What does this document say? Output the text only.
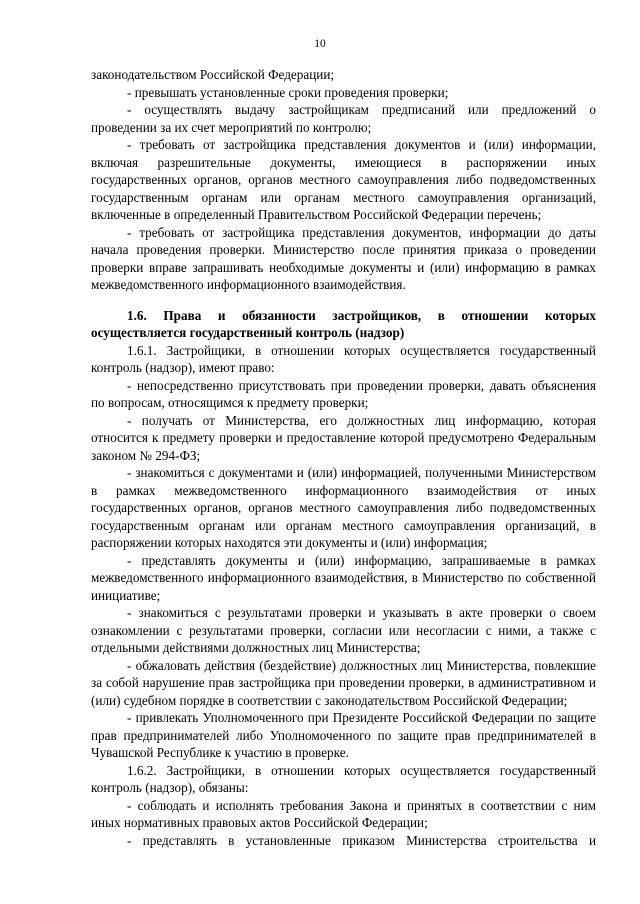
10

законодательством Российской Федерации;

- превышать установленные сроки проведения проверки;

- осуществлять выдачу застройщикам предписаний или предложений о проведении за их счет мероприятий по контролю;

- требовать от застройщика представления документов и (или) информации, включая разрешительные документы, имеющиеся в распоряжении иных государственных органов, органов местного самоуправления либо подведомственных государственным органам или органам местного самоуправления организаций, включенные в определенный Правительством Российской Федерации перечень;

- требовать от застройщика представления документов, информации до даты начала проведения проверки. Министерство после принятия приказа о проведении проверки вправе запрашивать необходимые документы и (или) информацию в рамках межведомственного информационного взаимодействия.

1.6. Права и обязанности застройщиков, в отношении которых осуществляется государственный контроль (надзор)

1.6.1. Застройщики, в отношении которых осуществляется государственный контроль (надзор), имеют право:

- непосредственно присутствовать при проведении проверки, давать объяснения по вопросам, относящимся к предмету проверки;

- получать от Министерства, его должностных лиц информацию, которая относится к предмету проверки и предоставление которой предусмотрено Федеральным законом № 294-ФЗ;

- знакомиться с документами и (или) информацией, полученными Министерством в рамках межведомственного информационного взаимодействия от иных государственных органов, органов местного самоуправления либо подведомственных государственным органам или органам местного самоуправления организаций, в распоряжении которых находятся эти документы и (или) информация;

- представлять документы и (или) информацию, запрашиваемые в рамках межведомственного информационного взаимодействия, в Министерство по собственной инициативе;

- знакомиться с результатами проверки и указывать в акте проверки о своем ознакомлении с результатами проверки, согласии или несогласии с ними, а также с отдельными действиями должностных лиц Министерства;

- обжаловать действия (бездействие) должностных лиц Министерства, повлекшие за собой нарушение прав застройщика при проведении проверки, в административном и (или) судебном порядке в соответствии с законодательством Российской Федерации;

- привлекать Уполномоченного при Президенте Российской Федерации по защите прав предпринимателей либо Уполномоченного по защите прав предпринимателей в Чувашской Республике к участию в проверке.

1.6.2. Застройщики, в отношении которых осуществляется государственный контроль (надзор), обязаны:

- соблюдать и исполнять требования Закона и принятых в соответствии с ним иных нормативных правовых актов Российской Федерации;

- представлять в установленные приказом Министерства строительства и
